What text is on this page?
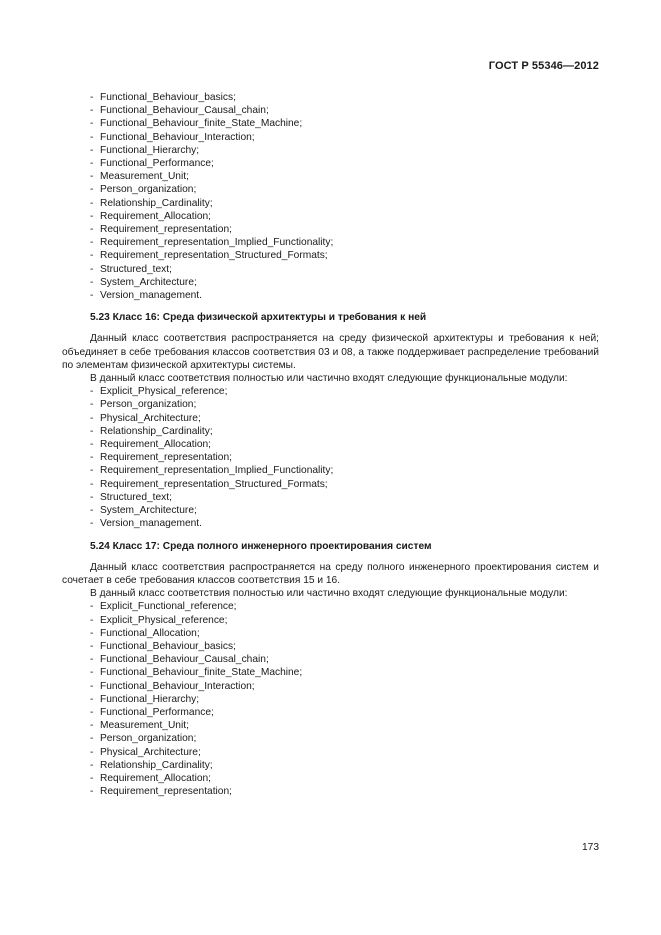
ГОСТ Р 55346—2012
- Functional_Behaviour_basics;
- Functional_Behaviour_Causal_chain;
- Functional_Behaviour_finite_State_Machine;
- Functional_Behaviour_Interaction;
- Functional_Hierarchy;
- Functional_Performance;
- Measurement_Unit;
- Person_organization;
- Relationship_Cardinality;
- Requirement_Allocation;
- Requirement_representation;
- Requirement_representation_Implied_Functionality;
- Requirement_representation_Structured_Formats;
- Structured_text;
- System_Architecture;
- Version_management.
5.23 Класс 16: Среда физической архитектуры и требования к ней

Данный класс соответствия распространяется на среду физической архитектуры и требования к ней; объединяет в себе требования классов соответствия 03 и 08, а также поддерживает распределение требований по элементам физической архитектуры системы.

В данный класс соответствия полностью или частично входят следующие функциональные модули:

- Explicit_Physical_reference;
- Person_organization;
- Physical_Architecture;
- Relationship_Cardinality;
- Requirement_Allocation;
- Requirement_representation;
- Requirement_representation_Implied_Functionality;
- Requirement_representation_Structured_Formats;
- Structured_text;
- System_Architecture;
- Version_management.
5.24 Класс 17: Среда полного инженерного проектирования систем

Данный класс соответствия распространяется на среду полного инженерного проектирования систем и сочетает в себе требования классов соответствия 15 и 16.

В данный класс соответствия полностью или частично входят следующие функциональные модули:

- Explicit_Functional_reference;
- Explicit_Physical_reference;
- Functional_Allocation;
- Functional_Behaviour_basics;
- Functional_Behaviour_Causal_chain;
- Functional_Behaviour_finite_State_Machine;
- Functional_Behaviour_Interaction;
- Functional_Hierarchy;
- Functional_Performance;
- Measurement_Unit;
- Person_organization;
- Physical_Architecture;
- Relationship_Cardinality;
- Requirement_Allocation;
- Requirement_representation;
173
